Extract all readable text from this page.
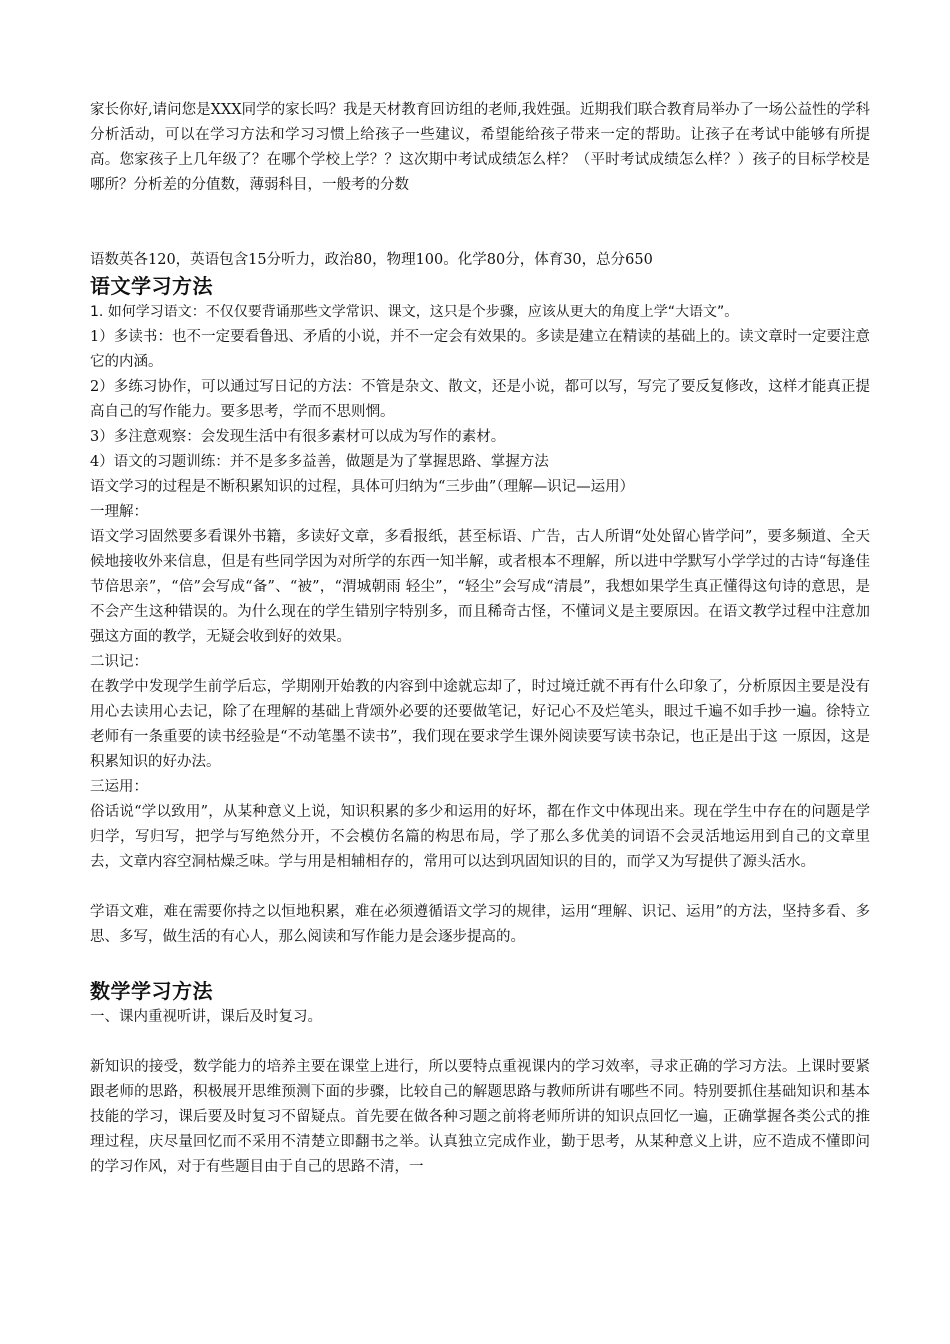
家长你好,请问您是XXX同学的家长吗？我是天材教育回访组的老师,我姓强。近期我们联合教育局举办了一场公益性的学科分析活动，可以在学习方法和学习习惯上给孩子一些建议，希望能给孩子带来一定的帮助。让孩子在考试中能够有所提高。您家孩子上几年级了？在哪个学校上学？？这次期中考试成绩怎么样？（平时考试成绩怎么样？）孩子的目标学校是哪所？分析差的分值数，薄弱科目，一般考的分数

语数英各120，英语包含15分听力，政治80，物理100。化学80分，体育30，总分650

语文学习方法

1. 如何学习语文：不仅仅要背诵那些文学常识、课文，这只是个步骤，应该从更大的角度上学“大语文”。

1）多读书：也不一定要看鲁迅、矛盾的小说，并不一定会有效果的。多读是建立在精读的基础上的。读文章时一定要注意它的内涵。

2）多练习协作，可以通过写日记的方法：不管是杂文、散文，还是小说，都可以写，写完了要反复修改，这样才能真正提高自己的写作能力。要多思考，学而不思则惘。

3）多注意观察：会发现生活中有很多素材可以成为写作的素材。

4）语文的习题训练：并不是多多益善，做题是为了掌握思路、掌握方法

语文学习的过程是不断积累知识的过程，具体可归纳为“三步曲”（理解—识记—运用）

一理解：

语文学习固然要多看课外书籍，多读好文章，多看报纸，甚至标语、广告，古人所谓“处处留心皆学问”，要多频道、全天候地接收外来信息，但是有些同学因为对所学的东西一知半解，或者根本不理解，所以进中学默写小学学过的古诗“每逢佳节倍思亲”，“倍”会写成“备”、“被”，“渭城朝雨 轻尘”，“轻尘”会写成“清晨”，我想如果学生真正懂得这句诗的意思，是不会产生这种错误的。为什么现在的学生错别字特别多，而且稀奇古怪，不懂词义是主要原因。在语文教学过程中注意加强这方面的教学，无疑会收到好的效果。

二识记：

在教学中发现学生前学后忘，学期刚开始教的内容到中途就忘却了，时过境迁就不再有什么印象了，分析原因主要是没有用心去读用心去记，除了在理解的基础上背颂外必要的还要做笔记，好记心不及烂笔头，眼过千遍不如手抄一遍。徐特立老师有一条重要的读书经验是“不动笔墨不读书”，我们现在要求学生课外阅读要写读书杂记，也正是出于这 一原因，这是积累知识的好办法。

三运用：

俗话说“学以致用”，从某种意义上说，知识积累的多少和运用的好坏，都在作文中体现出来。现在学生中存在的问题是学归学，写归写，把学与写绝然分开，不会模仿名篇的构思布局，学了那么多优美的词语不会灵活地运用到自己的文章里去，文章内容空洞枯燥乏味。学与用是相辅相存的，常用可以达到巩固知识的目的，而学又为写提供了源头活水。

学语文难，难在需要你持之以恒地积累，难在必须遵循语文学习的规律，运用“理解、识记、运用”的方法，坚持多看、多思、多写，做生活的有心人，那么阅读和写作能力是会逐步提高的。

数学学习方法

一、课内重视听讲，课后及时复习。

新知识的接受，数学能力的培养主要在课堂上进行，所以要特点重视课内的学习效率，寻求正确的学习方法。上课时要紧跟老师的思路，积极展开思维预测下面的步骤，比较自己的解题思路与教师所讲有哪些不同。特别要抓住基础知识和基本技能的学习，课后要及时复习不留疑点。首先要在做各种习题之前将老师所讲的知识点回忆一遍，正确掌握各类公式的推理过程，庆尽量回忆而不采用不清楚立即翻书之举。认真独立完成作业，勤于思考，从某种意义上讲，应不造成不懂即问的学习作风，对于有些题目由于自己的思路不清，一
